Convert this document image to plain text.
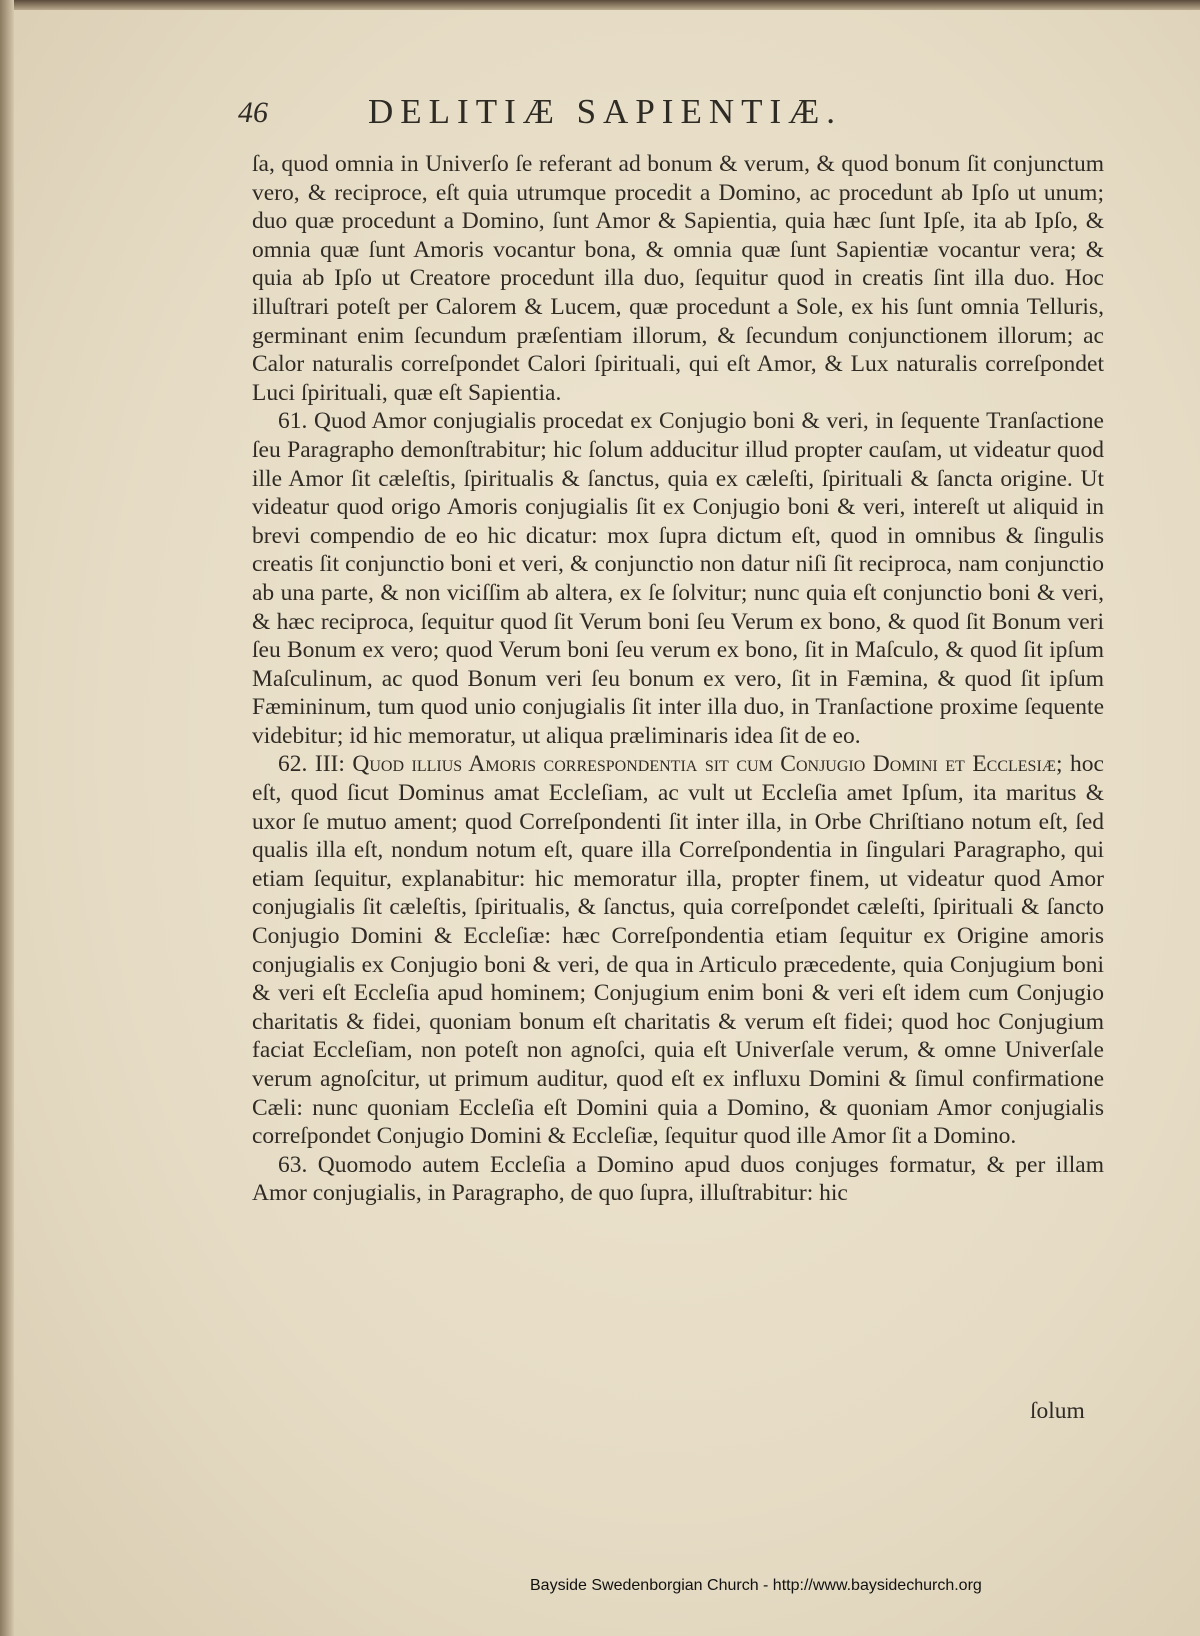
46	DELITIÆ SAPIENTIÆ.

ſa, quod omnia in Univerſo ſe referant ad bonum & verum, & quod bonum ſit conjunctum vero, & reciproce, eſt quia utrumque procedit a Domino, ac procedunt ab Ipſo ut unum; duo quæ procedunt a Domino, ſunt Amor & Sapientia, quia hæc ſunt Ipſe, ita ab Ipſo, & omnia quæ ſunt Amoris vocantur bona, & omnia quæ ſunt Sapientiæ vocantur vera; & quia ab Ipſo ut Creatore procedunt illa duo, ſequitur quod in creatis ſint illa duo. Hoc illuſtrari poteſt per Calorem & Lucem, quæ procedunt a Sole, ex his ſunt omnia Telluris, germinant enim ſecundum præſentiam illorum, & ſecundum conjunctionem illorum; ac Calor naturalis correſpondet Calori ſpirituali, qui eſt Amor, & Lux naturalis correſpondet Luci ſpirituali, quæ eſt Sapientia.

61. Quod Amor conjugialis procedat ex Conjugio boni & veri, in ſequente Tranſactione ſeu Paragrapho demonſtrabitur; hic ſolum adducitur illud propter cauſam, ut videatur quod ille Amor ſit cæleſtis, ſpiritualis & ſanctus, quia ex cæleſti, ſpirituali & ſancta origine. Ut videatur quod origo Amoris conjugialis ſit ex Conjugio boni & veri, intereſt ut aliquid in brevi compendio de eo hic dicatur: mox ſupra dictum eſt, quod in omnibus & ſingulis creatis ſit conjunctio boni et veri, & conjunctio non datur niſi ſit reciproca, nam conjunctio ab una parte, & non viciſſim ab altera, ex ſe ſolvitur; nunc quia eſt conjunctio boni & veri, & hæc reciproca, ſequitur quod ſit Verum boni ſeu Verum ex bono, & quod ſit Bonum veri ſeu Bonum ex vero; quod Verum boni ſeu verum ex bono, ſit in Maſculo, & quod ſit ipſum Maſculinum, ac quod Bonum veri ſeu bonum ex vero, ſit in Fæmina, & quod ſit ipſum Fæmininum, tum quod unio conjugialis ſit inter illa duo, in Tranſactione proxime ſequente videbitur; id hic memoratur, ut aliqua præliminaris idea ſit de eo.

62. III: Quod illius Amoris correspondentia sit cum Conjugio Domini et Ecclesiæ; hoc eſt, quod ſicut Dominus amat Eccleſiam, ac vult ut Eccleſia amet Ipſum, ita maritus & uxor ſe mutuo ament; quod Correſpondenti ſit inter illa, in Orbe Chriſtiano notum eſt, ſed qualis illa eſt, nondum notum eſt, quare illa Correſpondentia in ſingulari Paragrapho, qui etiam ſequitur, explanabitur: hic memoratur illa, propter finem, ut videatur quod Amor conjugialis ſit cæleſtis, ſpiritualis, & ſanctus, quia correſpondet cæleſti, ſpirituali & ſancto Conjugio Domini & Eccleſiæ: hæc Correſpondentia etiam ſequitur ex Origine amoris conjugialis ex Conjugio boni & veri, de qua in Articulo præcedente, quia Conjugium boni & veri eſt Eccleſia apud hominem; Conjugium enim boni & veri eſt idem cum Conjugio charitatis & fidei, quoniam bonum eſt charitatis & verum eſt fidei; quod hoc Conjugium faciat Eccleſiam, non poteſt non agnoſci, quia eſt Univerſale verum, & omne Univerſale verum agnoſcitur, ut primum auditur, quod eſt ex influxu Domini & ſimul confirmatione Cæli: nunc quoniam Eccleſia eſt Domini quia a Domino, & quoniam Amor conjugialis correſpondet Conjugio Domini & Eccleſiæ, ſequitur quod ille Amor ſit a Domino.

63. Quomodo autem Eccleſia a Domino apud duos conjuges formatur, & per illam Amor conjugialis, in Paragrapho, de quo ſupra, illuſtrabitur: hic

ſolum
Bayside Swedenborgian Church - http://www.baysidechurch.org
